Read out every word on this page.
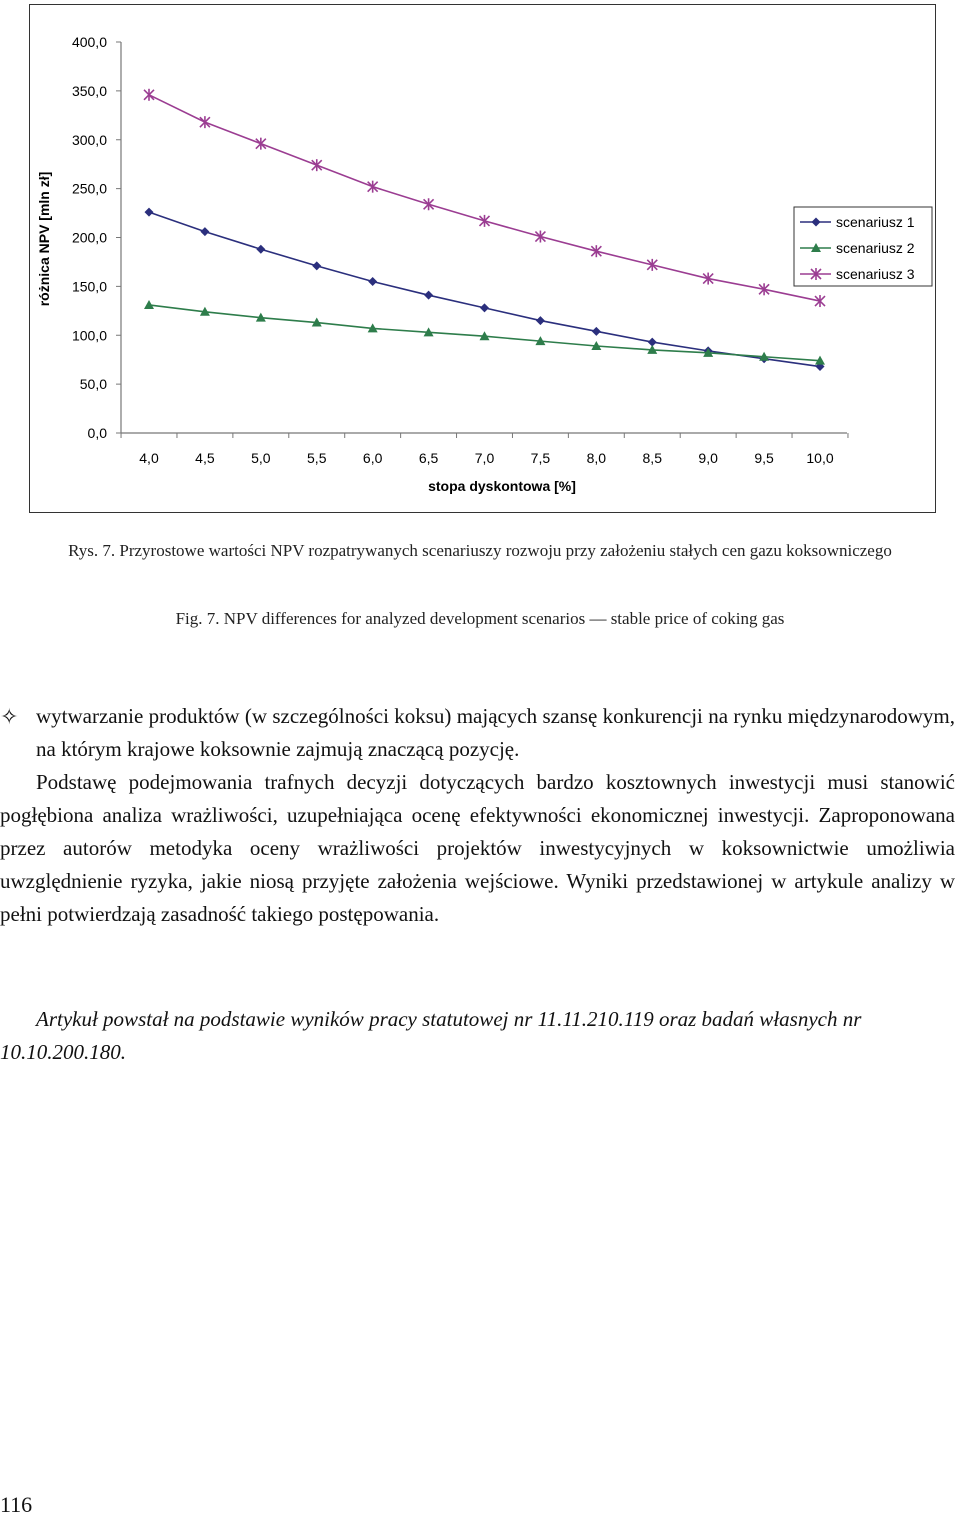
0,0
50,0
100,0
150,0
200,0
250,0
300,0
350,0
400,0
4,0	4,5	5,0	5,5	6,0	6,5	7,0	7,5	8,0	8,5	9,0	9,5 10,0
stopa dyskontowa [%]
różnica NPV [mln zł]	scenariusz 1
scenariusz 2
scenariusz 3
Rys. 7. Przyrostowe wartości NPV rozpatrywanych scenariuszy rozwoju przy założeniu stałych cen gazu koksowniczego
Fig. 7. NPV differences for analyzed development scenarios — stable price of coking gas
✧ wytwarzanie produktów (w szczególności koksu) mających szansę konkurencji na rynku międzynarodowym, na którym krajowe koksownie zajmują znaczącą pozycję.
Podstawę podejmowania trafnych decyzji dotyczących bardzo kosztownych inwestycji musi stanowić pogłębiona analiza wrażliwości, uzupełniająca ocenę efektywności ekonomicznej inwestycji. Zaproponowana przez autorów metodyka oceny wrażliwości projektów inwestycyjnych w koksownictwie umożliwia uwzględnienie ryzyka, jakie niosą przyjęte założenia wejściowe. Wyniki przedstawionej w artykule analizy w pełni potwierdzają zasadność takiego postępowania.
Artykuł powstał na podstawie wyników pracy statutowej nr 11.11.210.119 oraz badań własnych nr 10.10.200.180.
116
